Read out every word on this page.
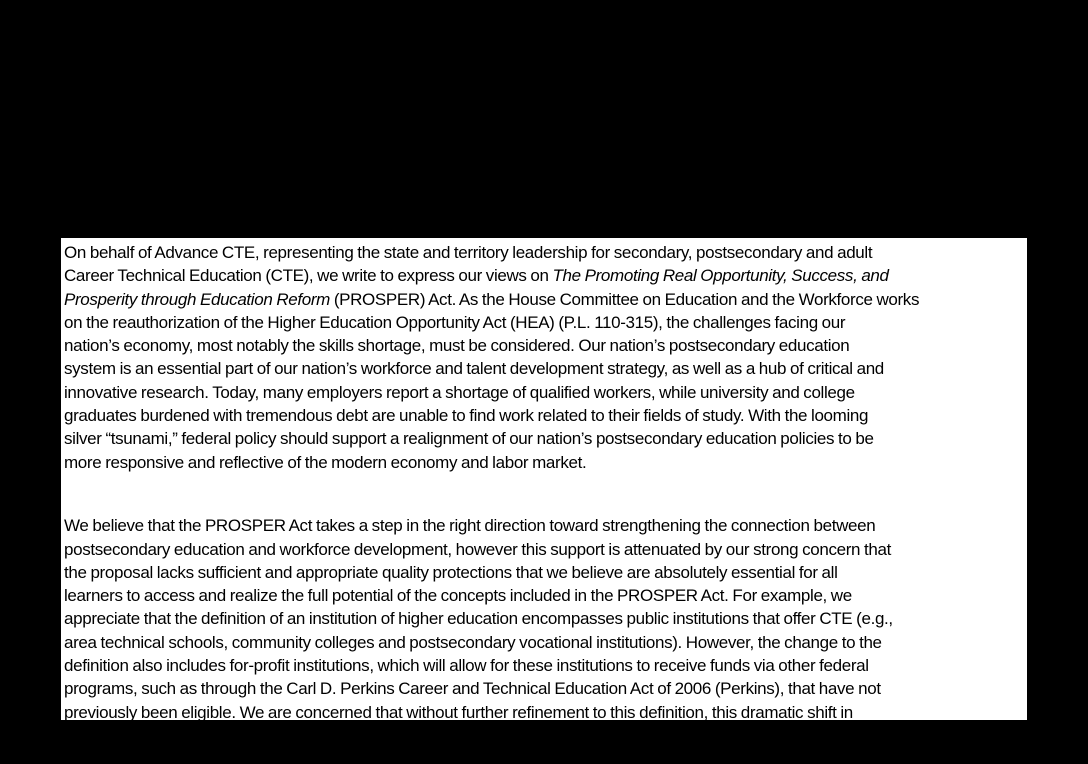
On behalf of Advance CTE, representing the state and territory leadership for secondary, postsecondary and adult
Career Technical Education (CTE), we write to express our views on The Promoting Real Opportunity, Success, and
Prosperity through Education Reform (PROSPER) Act. As the House Committee on Education and the Workforce works
on the reauthorization of the Higher Education Opportunity Act (HEA) (P.L. 110-315), the challenges facing our
nation’s economy, most notably the skills shortage, must be considered. Our nation’s postsecondary education
system is an essential part of our nation’s workforce and talent development strategy, as well as a hub of critical and
innovative research. Today, many employers report a shortage of qualified workers, while university and college
graduates burdened with tremendous debt are unable to find work related to their fields of study. With the looming
silver “tsunami,” federal policy should support a realignment of our nation’s postsecondary education policies to be
more responsive and reflective of the modern economy and labor market.

We believe that the PROSPER Act takes a step in the right direction toward strengthening the connection between
postsecondary education and workforce development, however this support is attenuated by our strong concern that
the proposal lacks sufficient and appropriate quality protections that we believe are absolutely essential for all
learners to access and realize the full potential of the concepts included in the PROSPER Act. For example, we
appreciate that the definition of an institution of higher education encompasses public institutions that offer CTE (e.g.,
area technical schools, community colleges and postsecondary vocational institutions). However, the change to the
definition also includes for-profit institutions, which will allow for these institutions to receive funds via other federal
programs, such as through the Carl D. Perkins Career and Technical Education Act of 2006 (Perkins), that have not
previously been eligible. We are concerned that without further refinement to this definition, this dramatic shift in
eligibility would dilute an already limited investment in CTE to the degree that the funds received would have
